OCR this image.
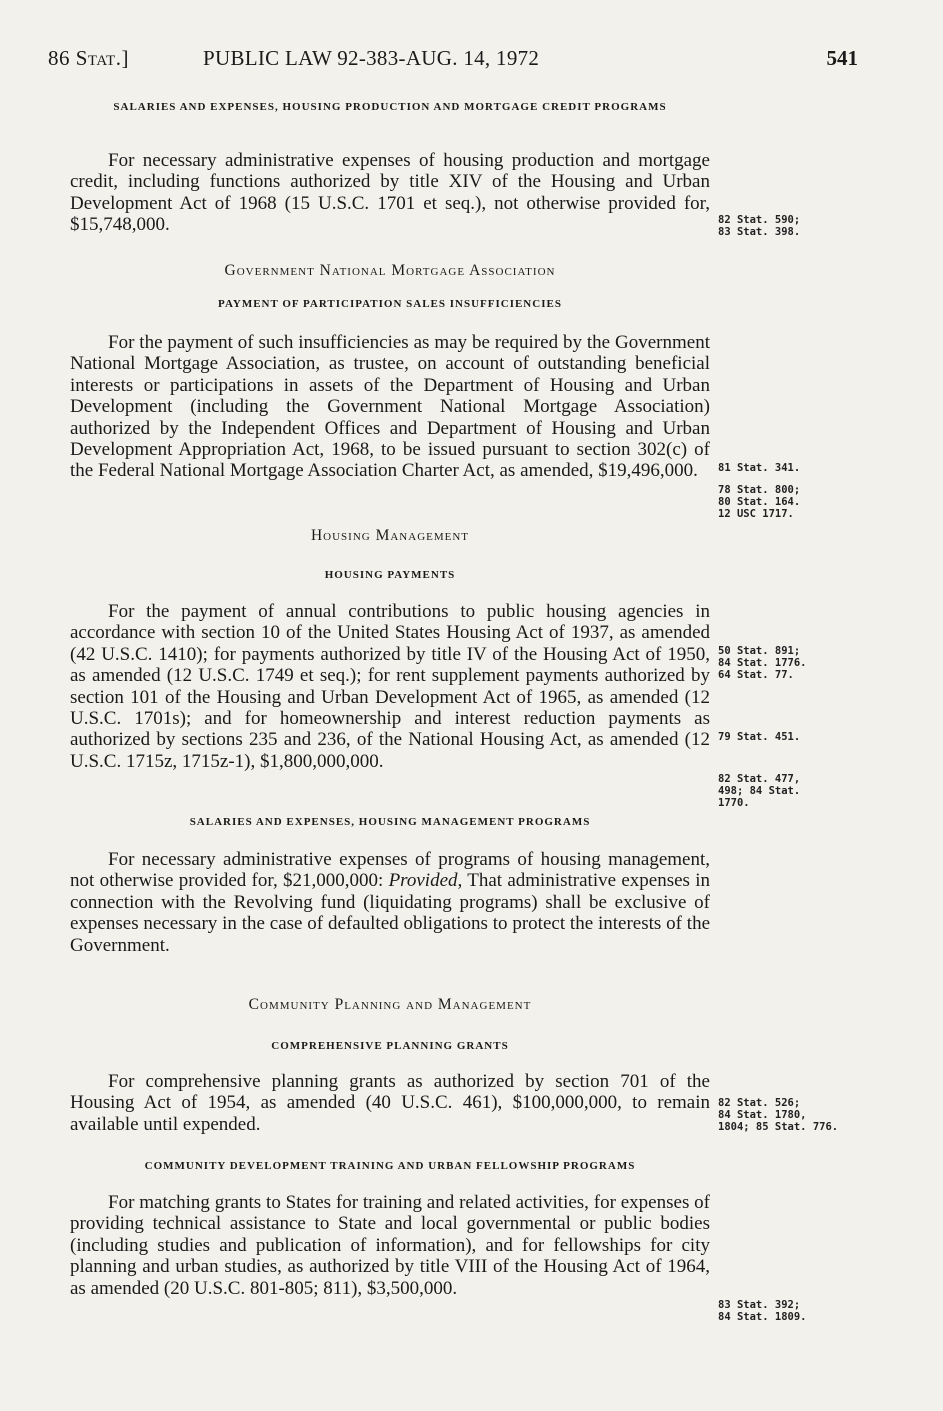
86 Stat.]	PUBLIC LAW 92-383-AUG. 14, 1972	541
SALARIES AND EXPENSES, HOUSING PRODUCTION AND MORTGAGE CREDIT PROGRAMS

For necessary administrative expenses of housing production and mortgage credit, including functions authorized by title XIV of the Housing and Urban Development Act of 1968 (15 U.S.C. 1701 et seq.), not otherwise provided for, $15,748,000.

Government National Mortgage Association
PAYMENT OF PARTICIPATION SALES INSUFFICIENCIES

For the payment of such insufficiencies as may be required by the Government National Mortgage Association, as trustee, on account of outstanding beneficial interests or participations in assets of the Department of Housing and Urban Development (including the Government National Mortgage Association) authorized by the Independent Offices and Department of Housing and Urban Development Appropriation Act, 1968, to be issued pursuant to section 302(c) of the Federal National Mortgage Association Charter Act, as amended, $19,496,000.

Housing Management
HOUSING PAYMENTS

For the payment of annual contributions to public housing agencies in accordance with section 10 of the United States Housing Act of 1937, as amended (42 U.S.C. 1410); for payments authorized by title IV of the Housing Act of 1950, as amended (12 U.S.C. 1749 et seq.); for rent supplement payments authorized by section 101 of the Housing and Urban Development Act of 1965, as amended (12 U.S.C. 1701s); and for homeownership and interest reduction payments as authorized by sections 235 and 236, of the National Housing Act, as amended (12 U.S.C. 1715z, 1715z-1), $1,800,000,000.

SALARIES AND EXPENSES, HOUSING MANAGEMENT PROGRAMS

For necessary administrative expenses of programs of housing management, not otherwise provided for, $21,000,000: Provided, That administrative expenses in connection with the Revolving fund (liquidating programs) shall be exclusive of expenses necessary in the case of defaulted obligations to protect the interests of the Government.

Community Planning and Management
COMPREHENSIVE PLANNING GRANTS

For comprehensive planning grants as authorized by section 701 of the Housing Act of 1954, as amended (40 U.S.C. 461), $100,000,000, to remain available until expended.

COMMUNITY DEVELOPMENT TRAINING AND URBAN FELLOWSHIP PROGRAMS

For matching grants to States for training and related activities, for expenses of providing technical assistance to State and local governmental or public bodies (including studies and publication of information), and for fellowships for city planning and urban studies, as authorized by title VIII of the Housing Act of 1964, as amended (20 U.S.C. 801-805; 811), $3,500,000.

82 Stat. 590;
83 Stat. 398.
81 Stat. 341.
78 Stat. 800;
80 Stat. 164.
12 USC 1717.
50 Stat. 891;
84 Stat. 1776.
64 Stat. 77.
79 Stat. 451.
82 Stat. 477,
498; 84 Stat.
1770.
82 Stat. 526;
84 Stat. 1780,
1804; 85 Stat. 776.
83 Stat. 392;
84 Stat. 1809.
